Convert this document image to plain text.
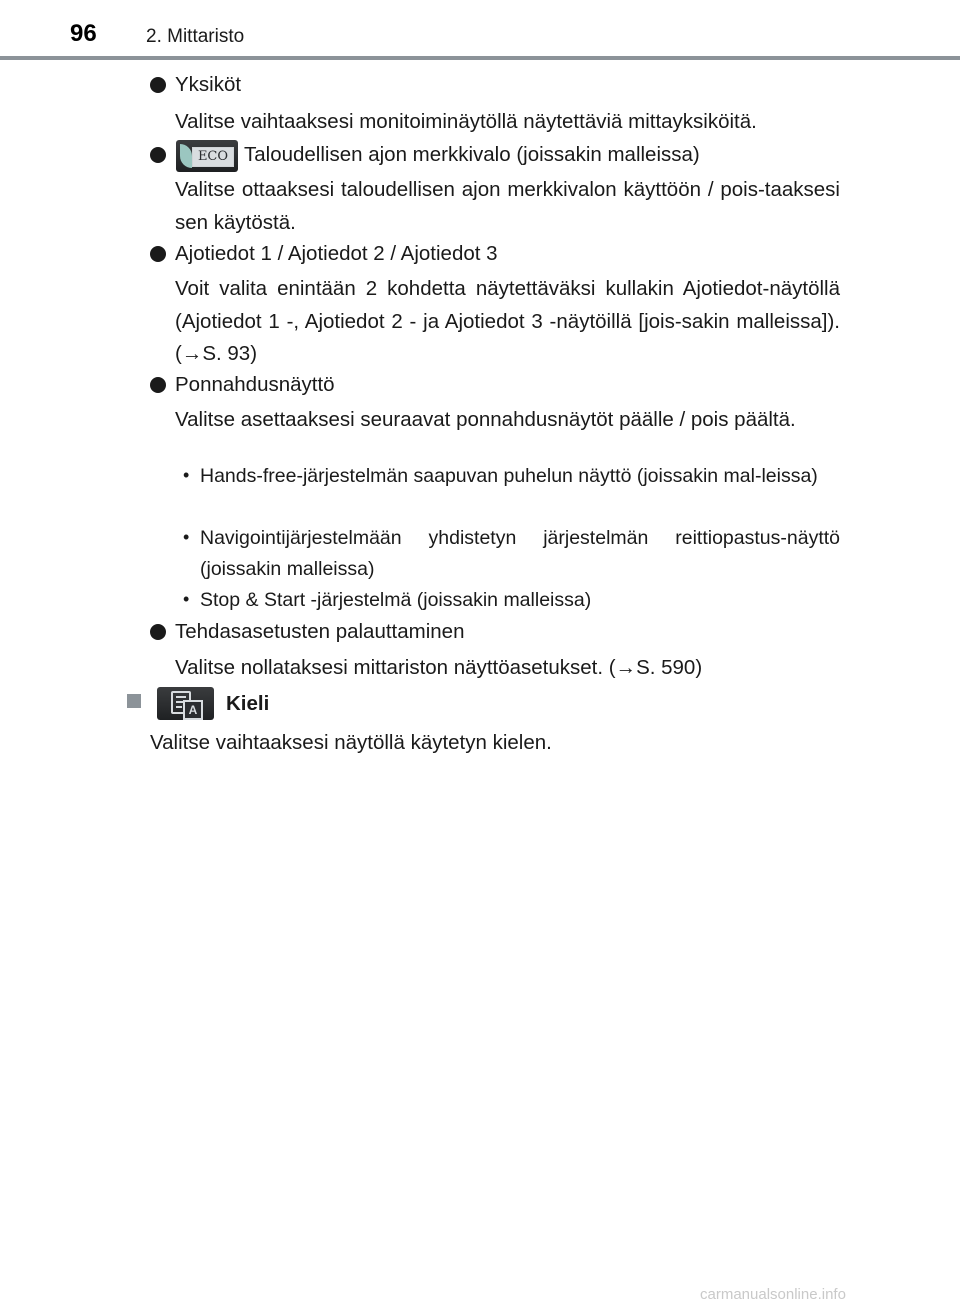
96	2. Mittaristo
Yksiköt
Valitse vaihtaaksesi monitoiminäytöllä näytettäviä mittayksiköitä.
ECO Taloudellisen ajon merkkivalo (joissakin malleissa)
Valitse ottaaksesi taloudellisen ajon merkkivalon käyttöön / pois-taaksesi sen käytöstä.
Ajotiedot 1 / Ajotiedot 2 / Ajotiedot 3
Voit valita enintään 2 kohdetta näytettäväksi kullakin Ajotiedot-näytöllä (Ajotiedot 1 -, Ajotiedot 2 - ja Ajotiedot 3 -näytöillä [jois-sakin malleissa]). (→S. 93)
Ponnahdusnäyttö
Valitse asettaaksesi seuraavat ponnahdusnäytöt päälle / pois päältä.
• Hands-free-järjestelmän saapuvan puhelun näyttö (joissakin mal-leissa)
• Navigointijärjestelmään yhdistetyn järjestelmän reittiopastus-näyttö (joissakin malleissa)
• Stop & Start -järjestelmä (joissakin malleissa)
Tehdasasetusten palauttaminen
Valitse nollataksesi mittariston näyttöasetukset. (→S. 590)
A Kieli
Valitse vaihtaaksesi näytöllä käytetyn kielen.
carmanualsonline.info
